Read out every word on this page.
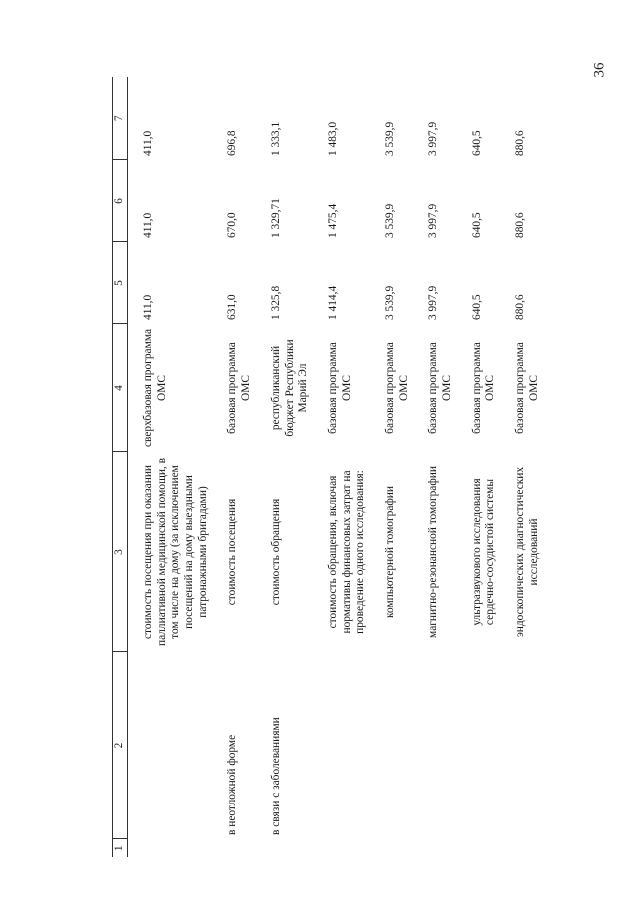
36
1	2	3	4	5	6	7
		стоимость посещения при оказании паллиативной медицинской помощи, в том числе на дому (за исключением посещений на дому выездными патронажными бригадами)	сверхбазовая программа ОМС	411,0	411,0	411,0
	в неотложной форме	стоимость посещения	базовая программа ОМС	631,0	670,0	696,8
	в связи с заболеваниями	стоимость обращения	республиканский бюджет Республики Марий Эл	1 325,8	1 329,71	1 333,1
		стоимость обращения, включая нормативы финансовых затрат на проведение одного исследования:	базовая программа ОМС	1 414,4	1 475,4	1 483,0
		компьютерной томографии	базовая программа ОМС	3 539,9	3 539,9	3 539,9
		магнитно-резонансной томографии	базовая программа ОМС	3 997,9	3 997,9	3 997,9
		ультразвукового исследования сердечно-сосудистой системы	базовая программа ОМС	640,5	640,5	640,5
		эндоскопических диагностических исследований	базовая программа ОМС	880,6	880,6	880,6
